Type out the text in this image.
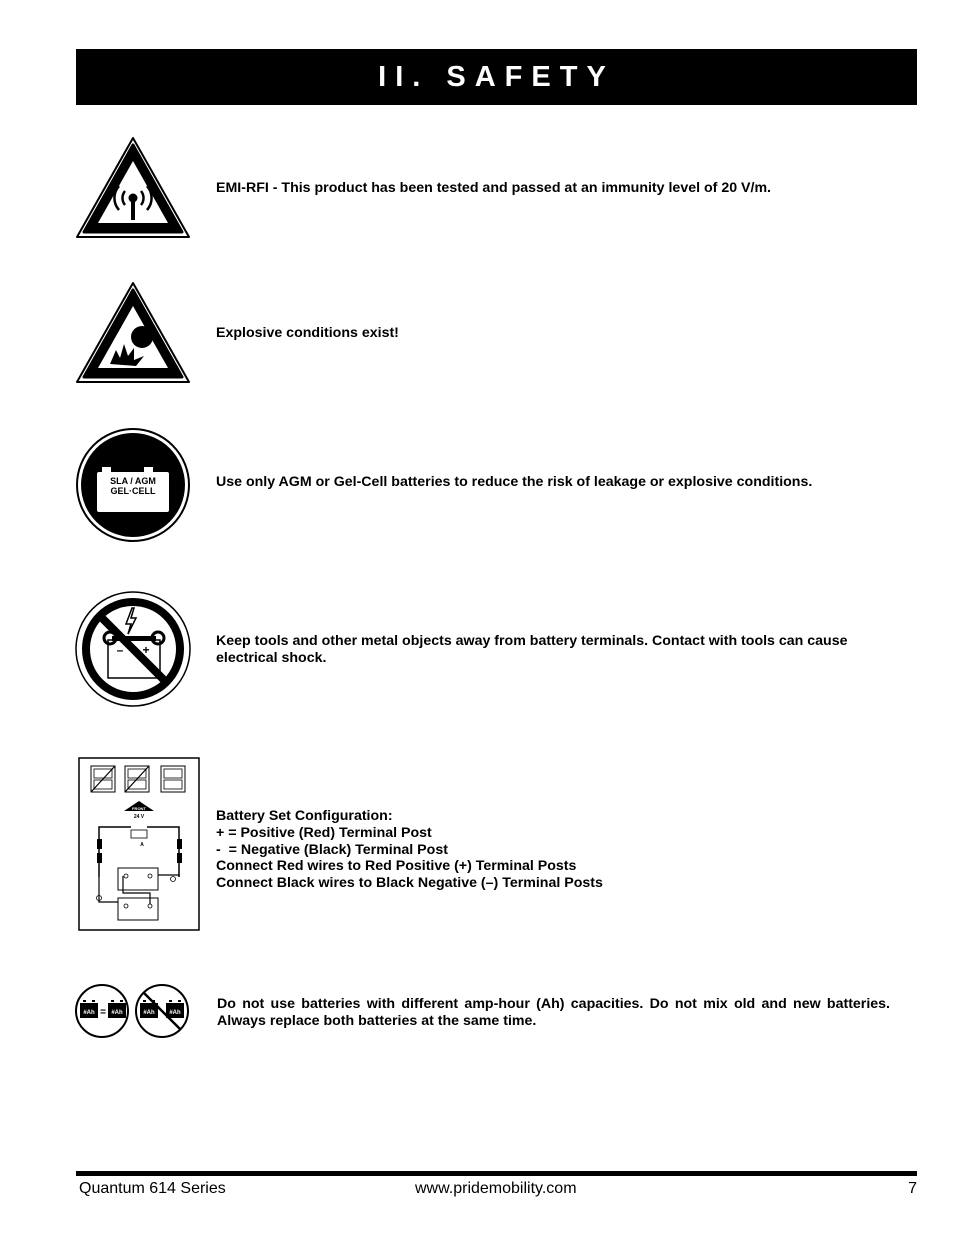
II. SAFETY
EMI-RFI - This product has been tested and passed at an immunity level of 20 V/m.
Explosive conditions exist!
+ –
SLA / AGM
GEL·CELL
Use only AGM or Gel-Cell batteries to reduce the risk of leakage or explosive conditions.
– +
Keep tools and other metal objects away from battery terminals. Contact with tools can cause electrical shock.
FRONT
24 V
A
Battery Set Configuration:
+ = Positive (Red) Terminal Post
-  = Negative (Black) Terminal Post
Connect Red wires to Red Positive (+) Terminal Posts
Connect Black wires to Black Negative (–) Terminal Posts
#Ah = #Ah	#Ah #Ah
Do not use batteries with different amp-hour (Ah) capacities. Do not mix old and new batteries. Always replace both batteries at the same time.
Quantum 614 Series	www.pridemobility.com	7
